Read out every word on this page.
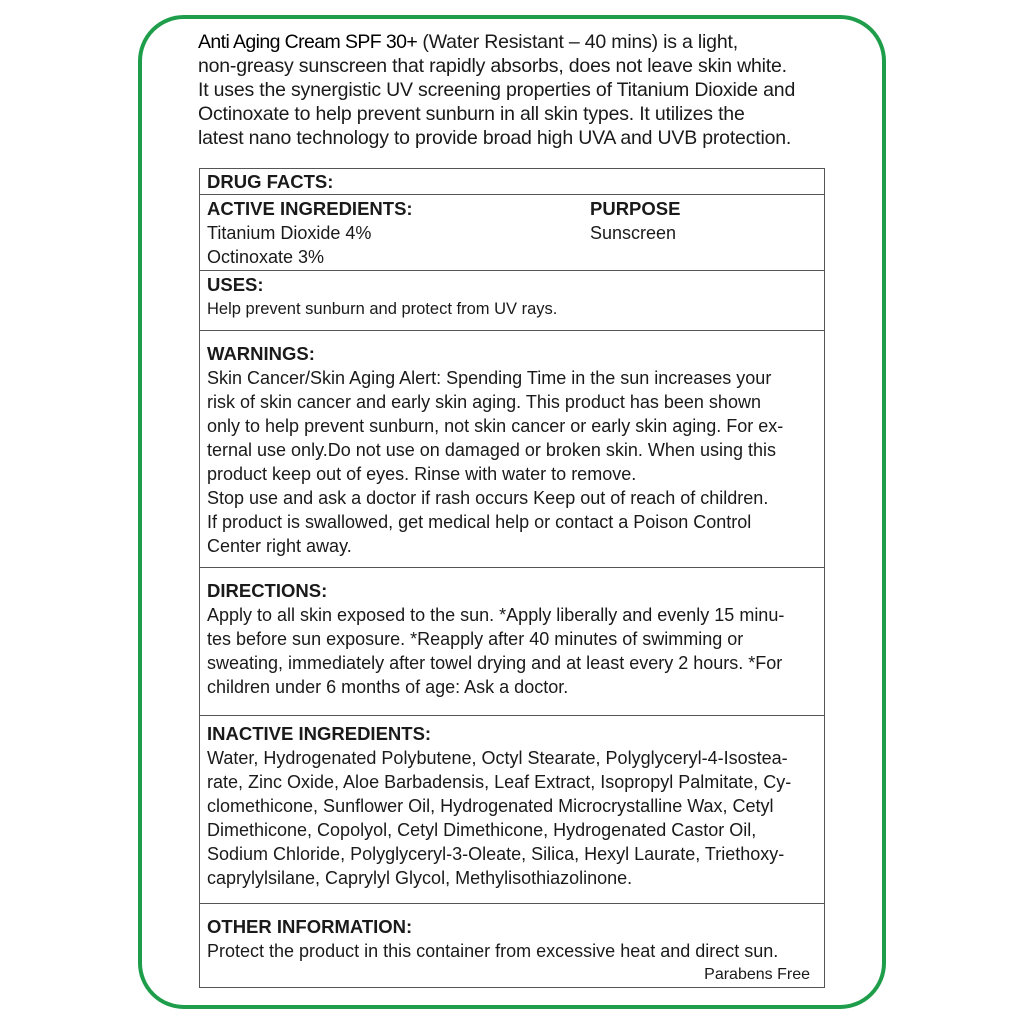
Anti Aging Cream SPF 30+ (Water Resistant – 40 mins) is a light,
non-greasy sunscreen that rapidly absorbs, does not leave skin white.
It uses the synergistic UV screening properties of Titanium Dioxide and
Octinoxate to help prevent sunburn in all skin types. It utilizes the
latest nano technology to provide broad high UVA and UVB protection.
DRUG FACTS:
ACTIVE INGREDIENTS:
Titanium Dioxide 4%
Octinoxate 3%
PURPOSE
Sunscreen
USES:
Help prevent sunburn and protect from UV rays.
WARNINGS:
Skin Cancer/Skin Aging Alert: Spending Time in the sun increases your
risk of skin cancer and early skin aging. This product has been shown
only to help prevent sunburn, not skin cancer or early skin aging. For ex-
ternal use only.Do not use on damaged or broken skin. When using this
product keep out of eyes. Rinse with water to remove.
Stop use and ask a doctor if rash occurs Keep out of reach of children.
If product is swallowed, get medical help or contact a Poison Control
Center right away.
DIRECTIONS:
Apply to all skin exposed to the sun. *Apply liberally and evenly 15 minu-
tes before sun exposure. *Reapply after 40 minutes of swimming or
sweating, immediately after towel drying and at least every 2 hours. *For
children under 6 months of age: Ask a doctor.
INACTIVE INGREDIENTS:
Water, Hydrogenated Polybutene, Octyl Stearate, Polyglyceryl-4-Isostea-
rate, Zinc Oxide, Aloe Barbadensis, Leaf Extract, Isopropyl Palmitate, Cy-
clomethicone, Sunflower Oil, Hydrogenated Microcrystalline Wax, Cetyl
Dimethicone, Copolyol, Cetyl Dimethicone, Hydrogenated Castor Oil,
Sodium Chloride, Polyglyceryl-3-Oleate, Silica, Hexyl Laurate, Triethoxy-
caprylylsilane, Caprylyl Glycol, Methylisothiazolinone.
OTHER INFORMATION:
Protect the product in this container from excessive heat and direct sun.
Parabens Free
